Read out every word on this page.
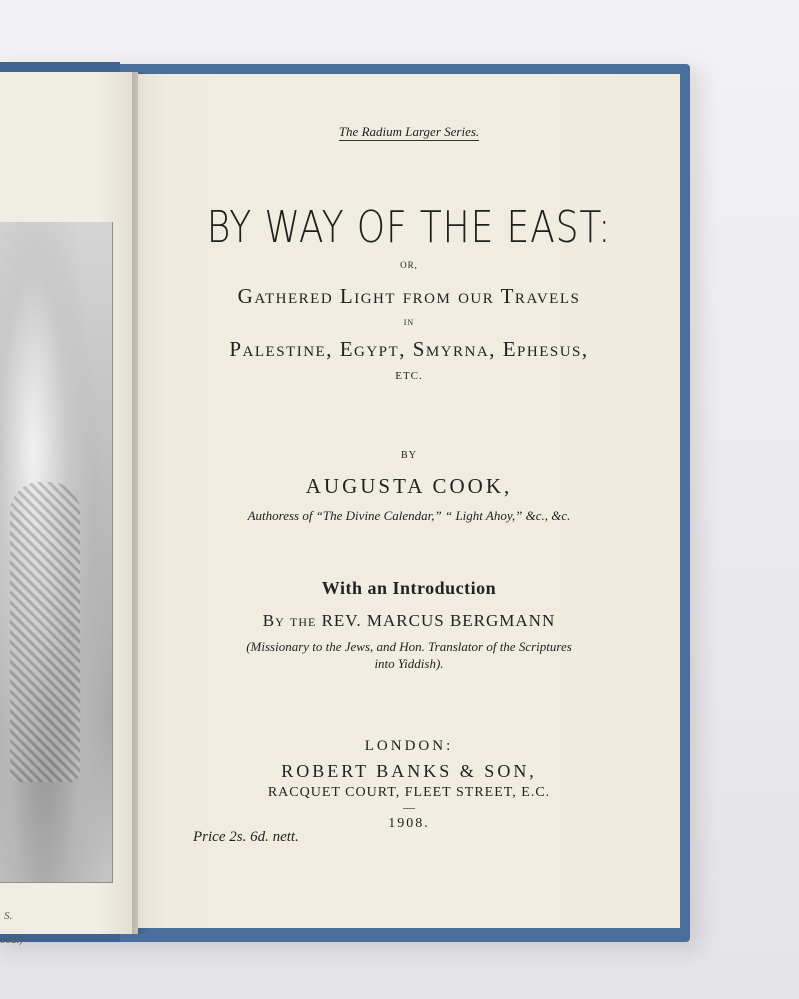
S.
ood.)
The Radium Larger Series.
BY WAY OF THE EAST:
OR,
Gathered Light from our Travels
IN
Palestine, Egypt, Smyrna, Ephesus,
ETC.
BY
AUGUSTA COOK,
Authoress of “The Divine Calendar,” “ Light Ahoy,” &c., &c.
With an Introduction
By the REV. MARCUS BERGMANN
(Missionary to the Jews, and Hon. Translator of the Scriptures
into Yiddish).
LONDON:
ROBERT BANKS & SON,
RACQUET COURT, FLEET STREET, E.C.
—
1908.
Price 2s. 6d. nett.
